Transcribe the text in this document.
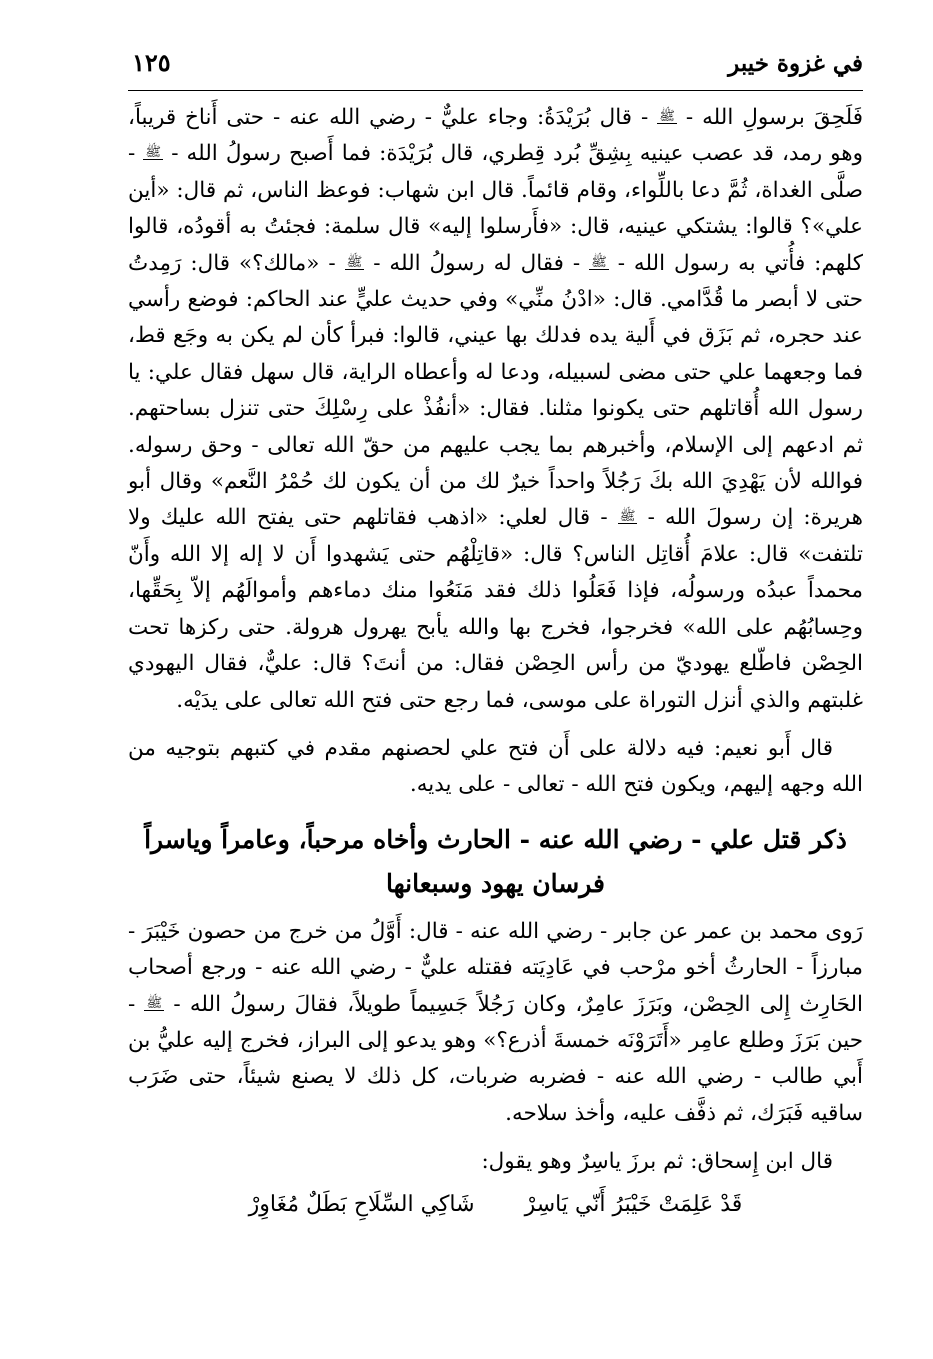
في غزوة خيبر
١٢٥

فَلَحِقَ برسولِ الله - ﷺ - قال بُرَيْدَةُ: وجاء عليٌّ - رضي الله عنه - حتى أَناخ قريباً، وهو رمد، قد عصب عينيه بِشِقِّ بُرد قِطري، قال بُرَيْدَة: فما أَصبح رسولُ الله - ﷺ - صلَّى الغداة، ثُمَّ دعا باللِّواء، وقام قائماً. قال ابن شهاب: فوعظ الناس، ثم قال: «أين علي»؟ قالوا: يشتكي عينيه، قال: «فأَرسلوا إليه» قال سلمة: فجئتُ به أقودُه، قالوا كلهم: فأُتي به رسول الله - ﷺ - فقال له رسولُ الله - ﷺ - «مالك؟» قال: رَمِدتُ حتى لا أبصر ما قُدَّامي. قال: «ادْنُ منِّي» وفي حديث عليٍّ عند الحاكم: فوضع رأسي عند حجره، ثم بَزَق في أَلية يده فدلك بها عيني، قالوا: فبرأ كأن لم يكن به وجَع قط، فما وجعهما علي حتى مضى لسبيله، ودعا له وأعطاه الراية، قال سهل فقال علي: يا رسول الله أُقاتلهم حتى يكونوا مثلنا. فقال: «أنفُذْ على رِسْلِكَ حتى تنزل بساحتهم. ثم ادعهم إلى الإسلام، وأخبرهم بما يجب عليهم من حقّ الله تعالى - وحق رسوله. فوالله لأن يَهْدِيَ الله بكَ رَجُلاً واحداً خيرٌ لك من أن يكون لك حُمْرُ النَّعم» وقال أبو هريرة: إن رسولَ الله - ﷺ - قال لعلي: «اذهب فقاتلهم حتى يفتح الله عليك ولا تلتفت» قال: علامَ أُقاتِل الناس؟ قال: «قاتِلْهُم حتى يَشهدوا أَن لا إله إلا الله وأَنّ محمداً عبدُه ورسولُه، فإذا فَعَلُوا ذلك فقد مَنَعُوا منك دماءهم وأموالَهُم إلاّ بِحَقِّها، وحِسابُهُم على الله» فخرجوا، فخرج بها والله يأبح يهرول هرولة. حتى ركزها تحت الحِصْن فاطّلع يهوديّ من رأس الحِصْن فقال: من أنتَ؟ قال: عليٌّ، فقال اليهودي غلبتهم والذي أنزل التوراة على موسى، فما رجع حتى فتح الله تعالى على يدَيْه.

قال أَبو نعيم: فيه دلالة على أَن فتح علي لحصنهم مقدم في كتبهم بتوجيه من الله وجهه إليهم، ويكون فتح الله - تعالى - على يديه.

ذكر قتل علي - رضي الله عنه - الحارث وأخاه مرحباً، وعامراً وياسراً
فرسان يهود وسبعانها

رَوى محمد بن عمر عن جابر - رضي الله عنه - قال: أَوَّلُ من خرج من حصون خَيْبَرَ - مبارزاً - الحارثُ أخو مرْحب في عَادِيَته فقتله عليٌّ - رضي الله عنه - ورجع أصحاب الحَارِث إِلى الحِصْن، وبَرَزَ عامِرٌ، وكان رَجُلاً جَسِيماً طويلاً، فقالَ رسولُ الله - ﷺ - حين بَرَزَ وطلع عامِر «أَتَرَوْنَه خمسةَ أذرع؟» وهو يدعو إلى البراز، فخرج إليه عليُّ بن أَبي طالب - رضي الله عنه - فضربه ضربات، كل ذلك لا يصنع شيئاً، حتى ضَرَب ساقيه فَبَرَك، ثم ذفَّف عليه، وأخذ سلاحه.

قال ابن إِسحاق: ثم برزَ ياسِرٌ وهو يقول:

قَدْ عَلِمَتْ خَيْبَرُ أَنّي يَاسِرْ
شَاكِي السِّلَاحِ بَطَلٌ مُغَاوِرْ
